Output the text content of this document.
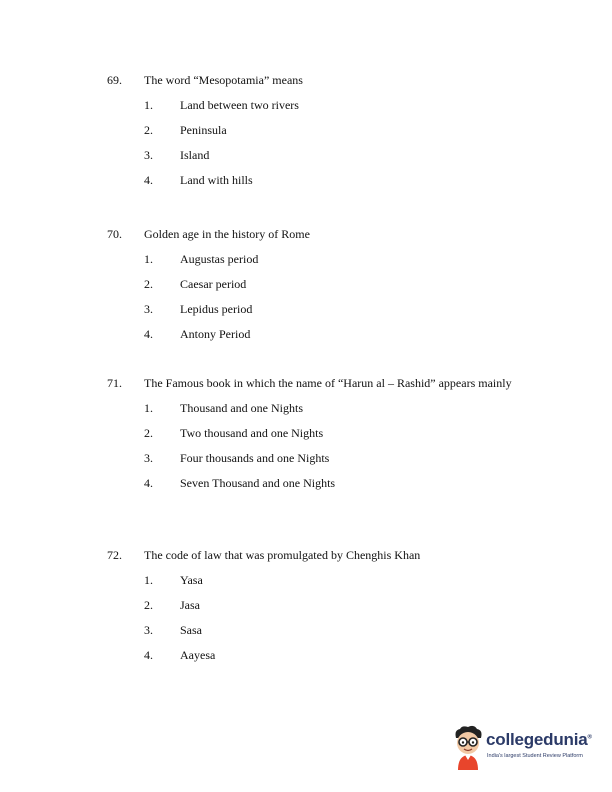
69.	The word “Mesopotamia” means
1.	Land between two rivers
2.	Peninsula
3.	Island
4.	Land with hills
70.	Golden age in the history of Rome
1.	Augustas period
2.	Caesar period
3.	Lepidus period
4.	Antony Period
71.	The Famous book in which the name of “Harun al – Rashid” appears mainly
1.	Thousand and one Nights
2.	Two thousand and one Nights
3.	Four thousands and one Nights
4.	Seven Thousand and one Nights
72.	The code of law that was promulgated by Chenghis Khan
1.	Yasa
2.	Jasa
3.	Sasa
4.	Aayesa
collegedunia®
India's largest Student Review Platform
